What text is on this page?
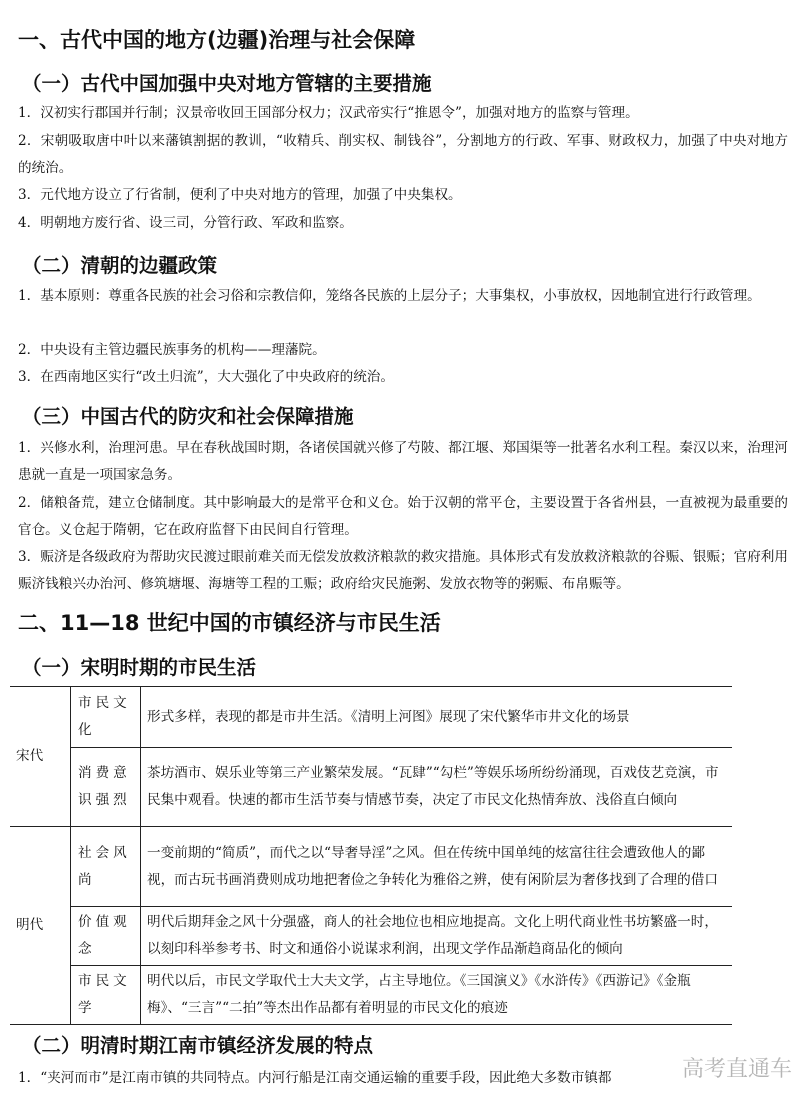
一、古代中国的地方(边疆)治理与社会保障
（一）古代中国加强中央对地方管辖的主要措施
1．汉初实行郡国并行制；汉景帝收回王国部分权力；汉武帝实行“推恩令”，加强对地方的监察与管理。
2．宋朝吸取唐中叶以来藩镇割据的教训，“收精兵、削实权、制钱谷”，分割地方的行政、军事、财政权力，加强了中央对地方的统治。
3．元代地方设立了行省制，便利了中央对地方的管理，加强了中央集权。
4．明朝地方废行省、设三司，分管行政、军政和监察。
（二）清朝的边疆政策
1．基本原则：尊重各民族的社会习俗和宗教信仰，笼络各民族的上层分子；大事集权，小事放权，因地制宜进行行政管理。
2．中央设有主管边疆民族事务的机构——理藩院。
3．在西南地区实行“改土归流”，大大强化了中央政府的统治。
（三）中国古代的防灾和社会保障措施
1．兴修水利，治理河患。早在春秋战国时期，各诸侯国就兴修了芍陂、都江堰、郑国渠等一批著名水利工程。秦汉以来，治理河患就一直是一项国家急务。
2．储粮备荒，建立仓储制度。其中影响最大的是常平仓和义仓。始于汉朝的常平仓，主要设置于各省州县，一直被视为最重要的官仓。义仓起于隋朝，它在政府监督下由民间自行管理。
3．赈济是各级政府为帮助灾民渡过眼前难关而无偿发放救济粮款的救灾措施。具体形式有发放救济粮款的谷赈、银赈；官府利用赈济钱粮兴办治河、修筑塘堰、海塘等工程的工赈；政府给灾民施粥、发放衣物等的粥赈、布帛赈等。
二、11—18 世纪中国的市镇经济与市民生活
（一）宋明时期的市民生活
宋代	市民文化	形式多样，表现的都是市井生活。《清明上河图》展现了宋代繁华市井文化的场景
	消费意识强烈	茶坊酒市、娱乐业等第三产业繁荣发展。“瓦肆”“勾栏”等娱乐场所纷纷涌现，百戏伎艺竞演，市民集中观看。快速的都市生活节奏与情感节奏，决定了市民文化热情奔放、浅俗直白倾向
明代	社会风尚	一变前期的“简质”，而代之以“导奢导淫”之风。但在传统中国单纯的炫富往往会遭致他人的鄙视，而古玩书画消费则成功地把奢俭之争转化为雅俗之辨，使有闲阶层为奢侈找到了合理的借口
	价值观念	明代后期拜金之风十分强盛，商人的社会地位也相应地提高。文化上明代商业性书坊繁盛一时，以刻印科举参考书、时文和通俗小说谋求利润，出现文学作品渐趋商品化的倾向
	市民文学	明代以后，市民文学取代士大夫文学，占主导地位。《三国演义》《水浒传》《西游记》《金瓶梅》、“三言”“二拍”等杰出作品都有着明显的市民文化的痕迹
（二）明清时期江南市镇经济发展的特点
1．“夹河而市”是江南市镇的共同特点。内河行船是江南交通运输的重要手段，因此绝大多数市镇都	高考直通车
